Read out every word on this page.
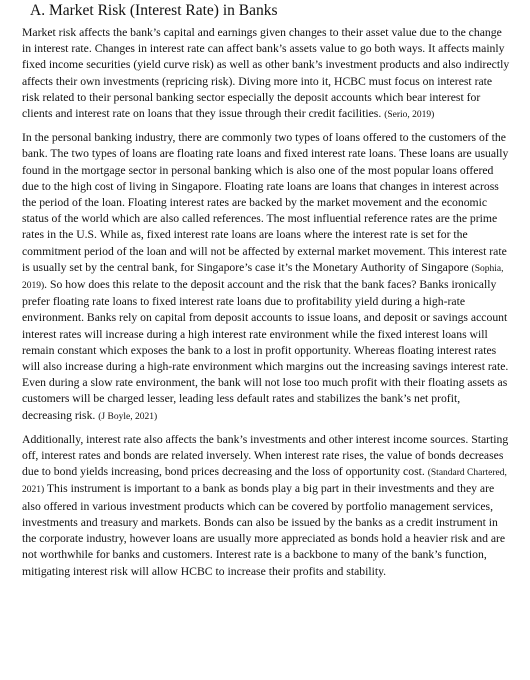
A. Market Risk (Interest Rate) in Banks

Market risk affects the bank’s capital and earnings given changes to their asset value due to the change in interest rate. Changes in interest rate can affect bank’s assets value to go both ways. It affects mainly fixed income securities (yield curve risk) as well as other bank’s investment products and also indirectly affects their own investments (repricing risk). Diving more into it, HCBC must focus on interest rate risk related to their personal banking sector especially the deposit accounts which bear interest for clients and interest rate on loans that they issue through their credit facilities. (Serio, 2019)

In the personal banking industry, there are commonly two types of loans offered to the customers of the bank. The two types of loans are floating rate loans and fixed interest rate loans. These loans are usually found in the mortgage sector in personal banking which is also one of the most popular loans offered due to the high cost of living in Singapore. Floating rate loans are loans that changes in interest across the period of the loan. Floating interest rates are backed by the market movement and the economic status of the world which are also called references. The most influential reference rates are the prime rates in the U.S. While as, fixed interest rate loans are loans where the interest rate is set for the commitment period of the loan and will not be affected by external market movement. This interest rate is usually set by the central bank, for Singapore’s case it’s the Monetary Authority of Singapore (Sophia, 2019). So how does this relate to the deposit account and the risk that the bank faces? Banks ironically prefer floating rate loans to fixed interest rate loans due to profitability yield during a high-rate environment. Banks rely on capital from deposit accounts to issue loans, and deposit or savings account interest rates will increase during a high interest rate environment while the fixed interest loans will remain constant which exposes the bank to a lost in profit opportunity. Whereas floating interest rates will also increase during a high-rate environment which margins out the increasing savings interest rate. Even during a slow rate environment, the bank will not lose too much profit with their floating assets as customers will be charged lesser, leading less default rates and stabilizes the bank’s net profit, decreasing risk. (J Boyle, 2021)

Additionally, interest rate also affects the bank’s investments and other interest income sources. Starting off, interest rates and bonds are related inversely. When interest rate rises, the value of bonds decreases due to bond yields increasing, bond prices decreasing and the loss of opportunity cost. (Standard Chartered, 2021) This instrument is important to a bank as bonds play a big part in their investments and they are also offered in various investment products which can be covered by portfolio management services, investments and treasury and markets. Bonds can also be issued by the banks as a credit instrument in the corporate industry, however loans are usually more appreciated as bonds hold a heavier risk and are not worthwhile for banks and customers. Interest rate is a backbone to many of the bank’s function, mitigating interest risk will allow HCBC to increase their profits and stability.
